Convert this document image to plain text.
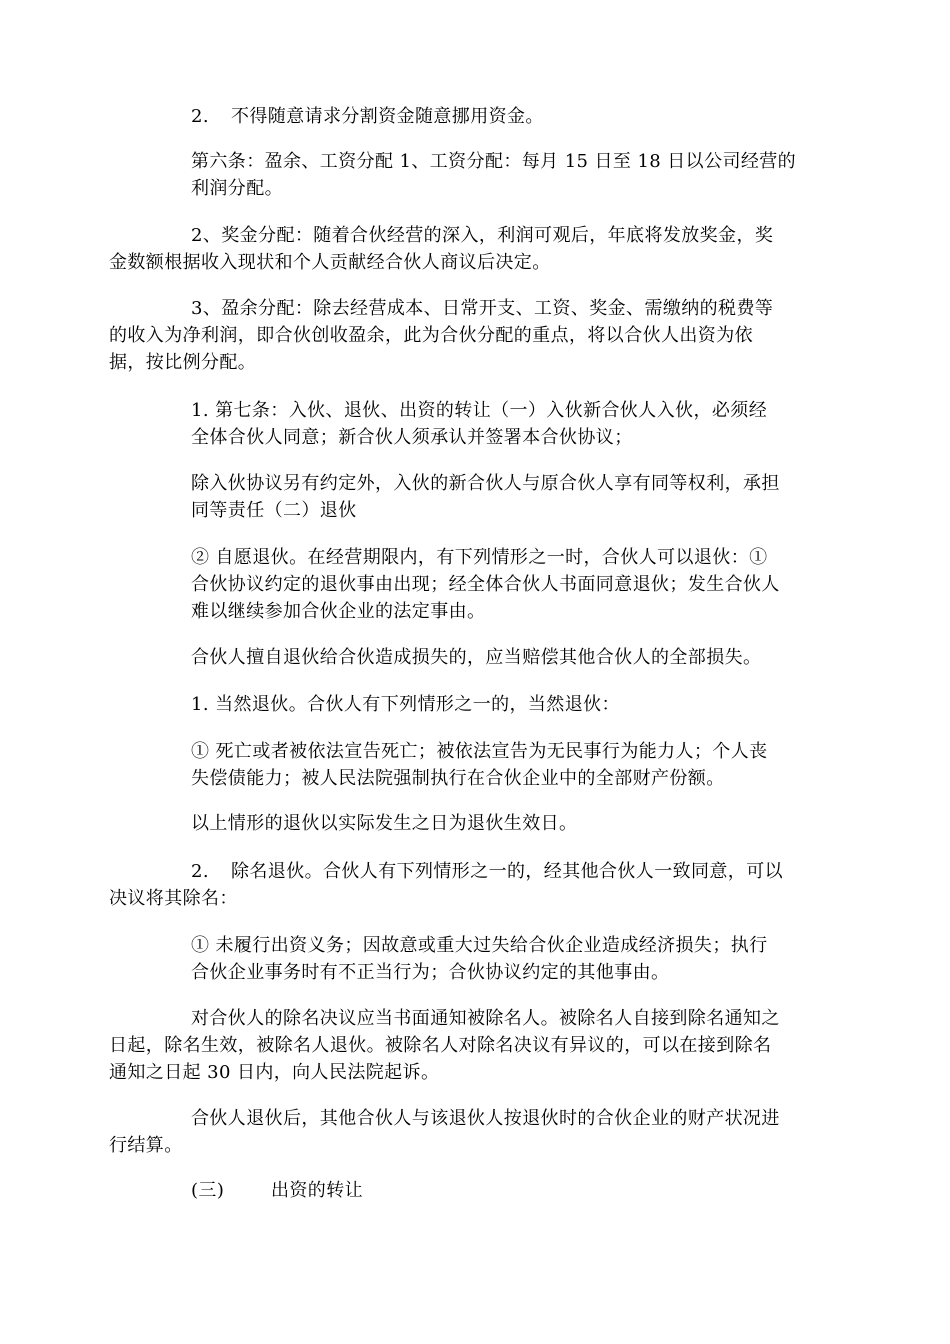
2. 不得随意请求分割资金随意挪用资金。

第六条：盈余、工资分配 1、工资分配：每月 15 日至 18 日以公司经营的
利润分配。

2、奖金分配：随着合伙经营的深入，利润可观后，年底将发放奖金，奖
金数额根据收入现状和个人贡献经合伙人商议后决定。

3、盈余分配：除去经营成本、日常开支、工资、奖金、需缴纳的税费等
的收入为净利润，即合伙创收盈余，此为合伙分配的重点，将以合伙人出资为依
据，按比例分配。

1. 第七条：入伙、退伙、出资的转让（一）入伙新合伙人入伙，必须经
全体合伙人同意；新合伙人须承认并签署本合伙协议；

除入伙协议另有约定外，入伙的新合伙人与原合伙人享有同等权利，承担
同等责任（二）退伙

② 自愿退伙。在经营期限内，有下列情形之一时，合伙人可以退伙：①
合伙协议约定的退伙事由出现；经全体合伙人书面同意退伙；发生合伙人
难以继续参加合伙企业的法定事由。

合伙人擅自退伙给合伙造成损失的，应当赔偿其他合伙人的全部损失。

1. 当然退伙。合伙人有下列情形之一的，当然退伙：

① 死亡或者被依法宣告死亡；被依法宣告为无民事行为能力人；个人丧
失偿债能力；被人民法院强制执行在合伙企业中的全部财产份额。

以上情形的退伙以实际发生之日为退伙生效日。

2. 除名退伙。合伙人有下列情形之一的，经其他合伙人一致同意，可以
决议将其除名：

① 未履行出资义务；因故意或重大过失给合伙企业造成经济损失；执行
合伙企业事务时有不正当行为；合伙协议约定的其他事由。

对合伙人的除名决议应当书面通知被除名人。被除名人自接到除名通知之
日起，除名生效，被除名人退伙。被除名人对除名决议有异议的，可以在接到除名
通知之日起 30 日内，向人民法院起诉。

合伙人退伙后，其他合伙人与该退伙人按退伙时的合伙企业的财产状况进
行结算。

(三)	出资的转让
